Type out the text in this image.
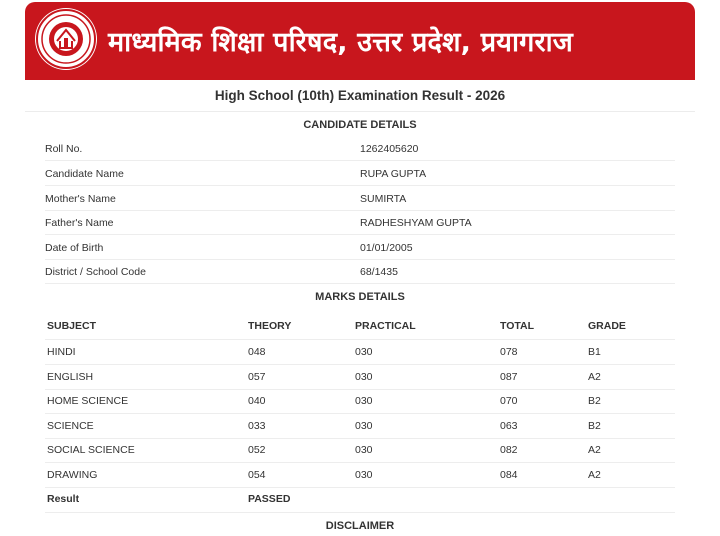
माध्यमिक शिक्षा परिषद, उत्तर प्रदेश, प्रयागराज
High School (10th) Examination Result - 2026
CANDIDATE DETAILS
Roll No.	1262405620
Candidate Name	RUPA GUPTA
Mother's Name	SUMIRTA
Father's Name	RADHESHYAM GUPTA
Date of Birth	01/01/2005
District / School Code	68/1435
MARKS DETAILS
SUBJECT	THEORY	PRACTICAL	TOTAL	GRADE
HINDI	048	030	078	B1
ENGLISH	057	030	087	A2
HOME SCIENCE	040	030	070	B2
SCIENCE	033	030	063	B2
SOCIAL SCIENCE	052	030	082	A2
DRAWING	054	030	084	A2
Result	PASSED
DISCLAIMER
